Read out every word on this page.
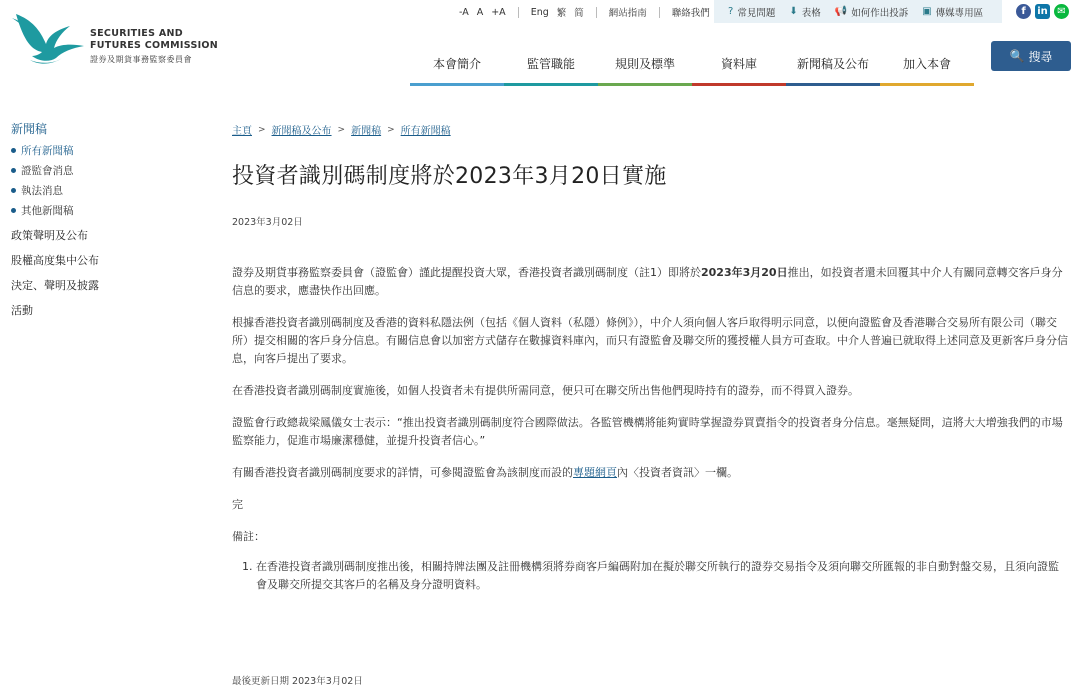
-A A +A	Eng 繁 简	網站指南	聯絡我們 ? 常見問題 ⬇ 表格 📢 如何作出投訴 ▣ 傳媒專用區	f	in ✉
SECURITIES AND
FUTURES COMMISSION
證券及期貨事務監察委員會	本會簡介	監管職能	規則及標準	資料庫	新聞稿及公布	加入本會
🔍 搜尋
新聞稿
所有新聞稿
證監會消息
執法消息
其他新聞稿
政策聲明及公布
股權高度集中公布
決定、聲明及披露
活動
主頁 > 新聞稿及公布 > 新聞稿 > 所有新聞稿
投資者識別碼制度將於2023年3月20日實施
2023年3月02日

證券及期貨事務監察委員會（證監會）謹此提醒投資大眾，香港投資者識別碼制度（註1）即將於2023年3月20日推出，如投資者還未回覆其中介人有關同意轉交客戶身分信息的要求，應盡快作出回應。

根據香港投資者識別碼制度及香港的資料私隱法例（包括《個人資料（私隱）條例》），中介人須向個人客戶取得明示同意，以便向證監會及香港聯合交易所有限公司（聯交所）提交相關的客戶身分信息。有關信息會以加密方式儲存在數據資料庫內，而只有證監會及聯交所的獲授權人員方可查取。中介人普遍已就取得上述同意及更新客戶身分信息，向客戶提出了要求。

在香港投資者識別碼制度實施後，如個人投資者未有提供所需同意，便只可在聯交所出售他們現時持有的證券，而不得買入證券。

證監會行政總裁梁鳳儀女士表示：“推出投資者識別碼制度符合國際做法。各監管機構將能夠實時掌握證券買賣指令的投資者身分信息。毫無疑問，這將大大增強我們的市場監察能力，促進市場廉潔穩健，並提升投資者信心。”

有關香港投資者識別碼制度要求的詳情，可參閱證監會為該制度而設的專題網頁內〈投資者資訊〉一欄。

完

備註：

1. 在香港投資者識別碼制度推出後，相關持牌法團及註冊機構須將券商客戶編碼附加在擬於聯交所執行的證券交易指令及須向聯交所匯報的非自動對盤交易，且須向證監會及聯交所提交其客戶的名稱及身分證明資料。
最後更新日期 2023年3月02日
